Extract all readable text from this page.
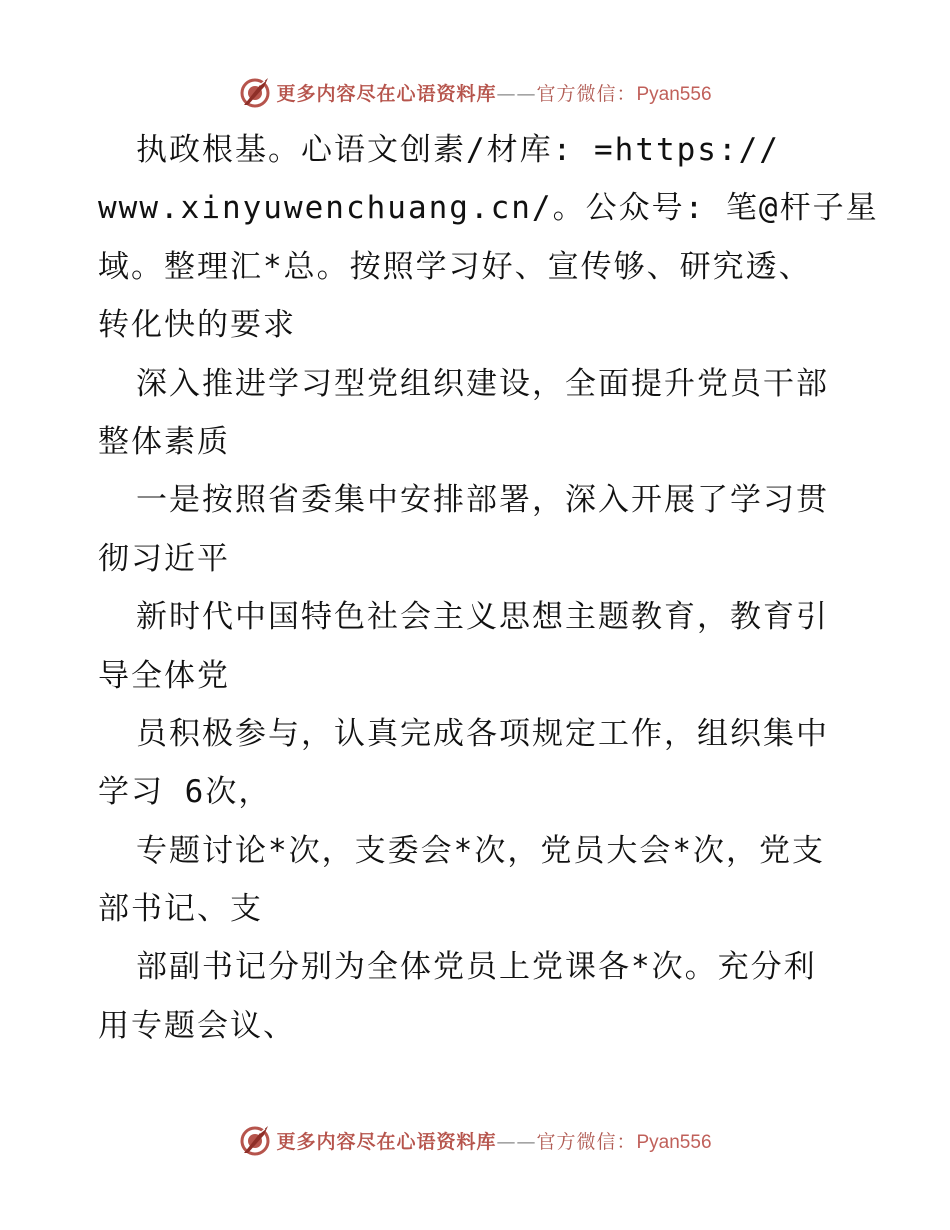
更多内容尽在心语资料库——官方微信：Pyan556
执政根基。心语文创素/材库: =https://
www.xinyuwenchuang.cn/。公众号: 笔@杆子星
域。整理汇*总。按照学习好、宣传够、研究透、
转化快的要求
深入推进学习型党组织建设，全面提升党员干部
整体素质
一是按照省委集中安排部署，深入开展了学习贯
彻习近平
新时代中国特色社会主义思想主题教育，教育引
导全体党
员积极参与，认真完成各项规定工作，组织集中
学习 6次，
专题讨论*次，支委会*次，党员大会*次，党支
部书记、支
部副书记分别为全体党员上党课各*次。充分利
用专题会议、
更多内容尽在心语资料库——官方微信：Pyan556
